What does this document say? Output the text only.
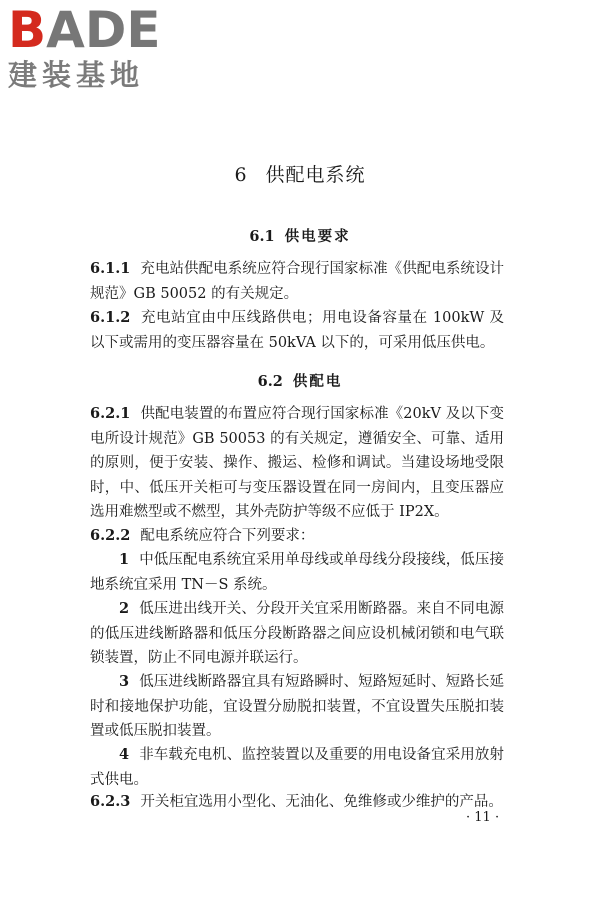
BADE
建装基地
6 供配电系统
6.1 供电要求
6.1.1 充电站供配电系统应符合现行国家标准《供配电系统设计规范》GB 50052 的有关规定。
6.1.2 充电站宜由中压线路供电；用电设备容量在 100kW 及以下或需用的变压器容量在 50kVA 以下的，可采用低压供电。
6.2 供配电
6.2.1 供配电装置的布置应符合现行国家标准《20kV 及以下变电所设计规范》GB 50053 的有关规定，遵循安全、可靠、适用的原则，便于安装、操作、搬运、检修和调试。当建设场地受限时，中、低压开关柜可与变压器设置在同一房间内，且变压器应选用难燃型或不燃型，其外壳防护等级不应低于 IP2X。
6.2.2 配电系统应符合下列要求：
1 中低压配电系统宜采用单母线或单母线分段接线，低压接地系统宜采用 TN－S 系统。
2 低压进出线开关、分段开关宜采用断路器。来自不同电源的低压进线断路器和低压分段断路器之间应设机械闭锁和电气联锁装置，防止不同电源并联运行。
3 低压进线断路器宜具有短路瞬时、短路短延时、短路长延时和接地保护功能，宜设置分励脱扣装置，不宜设置失压脱扣装置或低压脱扣装置。
4 非车载充电机、监控装置以及重要的用电设备宜采用放射式供电。
6.2.3 开关柜宜选用小型化、无油化、免维修或少维护的产品。
· 11 ·
